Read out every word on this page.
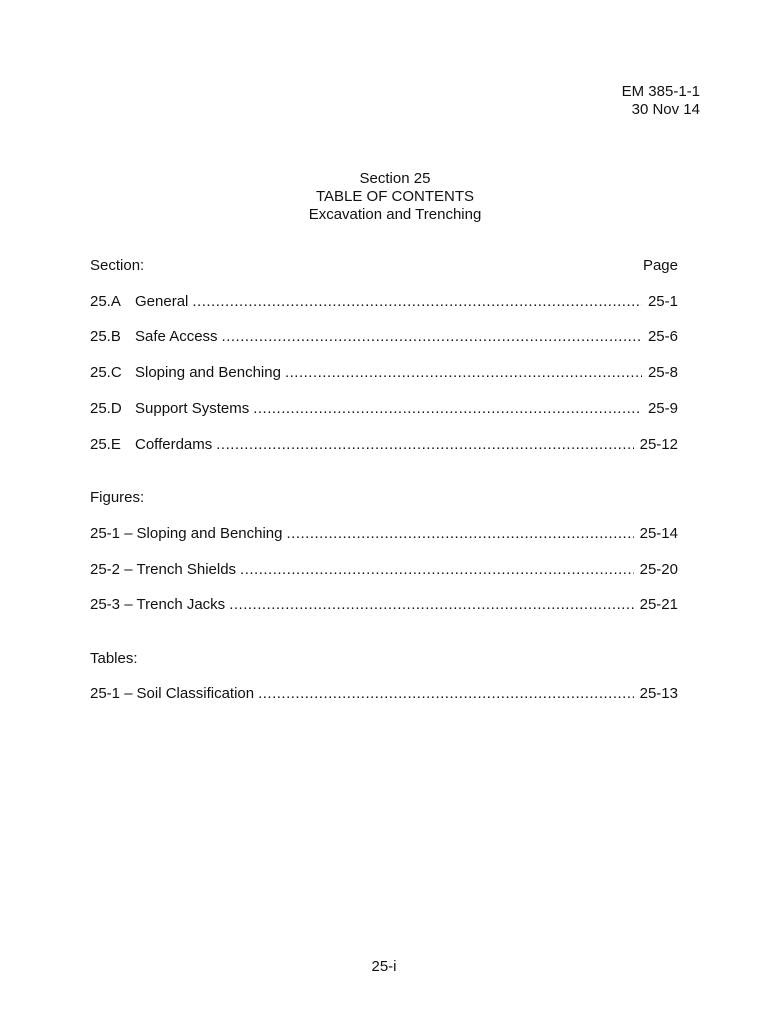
EM 385-1-1
30 Nov 14
Section 25
TABLE OF CONTENTS
Excavation and Trenching
Section:	Page
25.A General .....	25-1
25.B Safe Access .....	25-6
25.C Sloping and Benching .....	25-8
25.D Support Systems .....	25-9
25.E Cofferdams .....	25-12
Figures:
25-1 – Sloping and Benching .....	25-14
25-2 – Trench Shields .....	25-20
25-3 – Trench Jacks .....	25-21
Tables:
25-1 – Soil Classification .....	25-13
25-i
